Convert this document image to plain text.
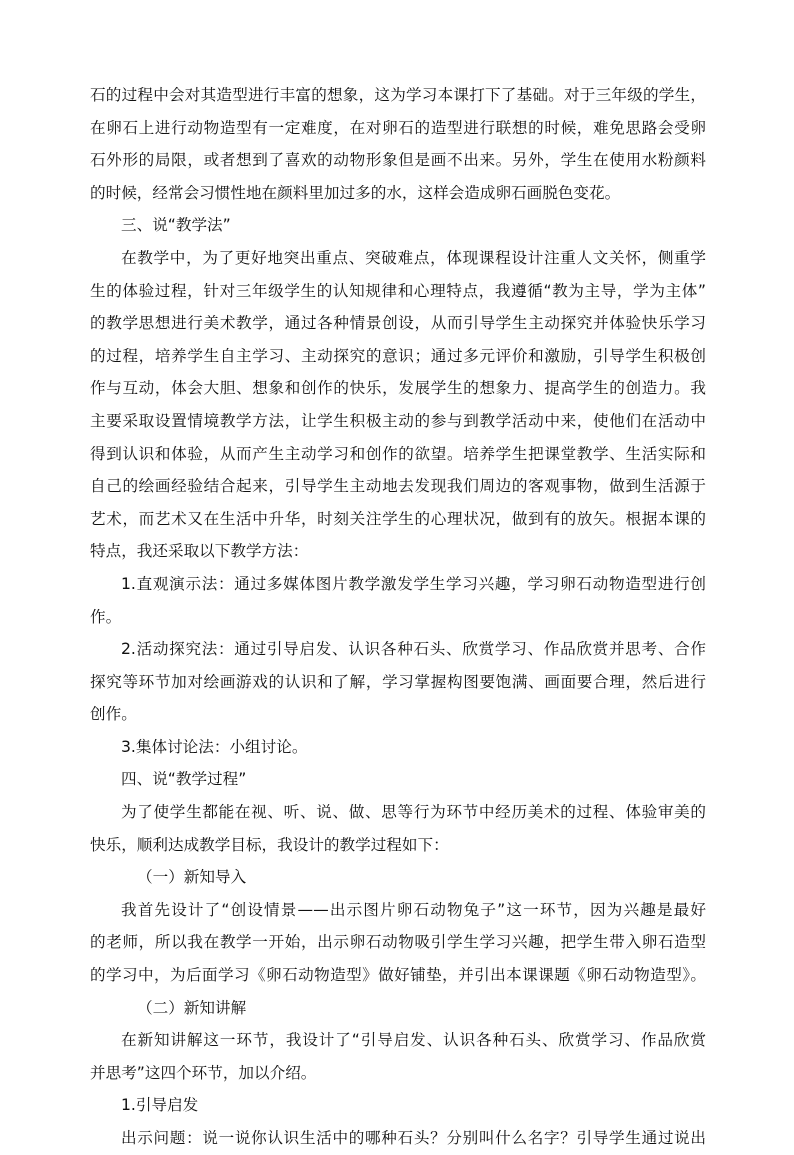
石的过程中会对其造型进行丰富的想象，这为学习本课打下了基础。对于三年级的学生，
在卵石上进行动物造型有一定难度，在对卵石的造型进行联想的时候，难免思路会受卵
石外形的局限，或者想到了喜欢的动物形象但是画不出来。另外，学生在使用水粉颜料
的时候，经常会习惯性地在颜料里加过多的水，这样会造成卵石画脱色变花。
三、说“教学法”
在教学中，为了更好地突出重点、突破难点，体现课程设计注重人文关怀，侧重学
生的体验过程，针对三年级学生的认知规律和心理特点，我遵循“教为主导，学为主体”
的教学思想进行美术教学，通过各种情景创设，从而引导学生主动探究并体验快乐学习
的过程，培养学生自主学习、主动探究的意识；通过多元评价和激励，引导学生积极创
作与互动，体会大胆、想象和创作的快乐，发展学生的想象力、提高学生的创造力。我
主要采取设置情境教学方法，让学生积极主动的参与到教学活动中来，使他们在活动中
得到认识和体验，从而产生主动学习和创作的欲望。培养学生把课堂教学、生活实际和
自己的绘画经验结合起来，引导学生主动地去发现我们周边的客观事物，做到生活源于
艺术，而艺术又在生活中升华，时刻关注学生的心理状况，做到有的放矢。根据本课的
特点，我还采取以下教学方法：
1.直观演示法：通过多媒体图片教学激发学生学习兴趣，学习卵石动物造型进行创
作。
2.活动探究法：通过引导启发、认识各种石头、欣赏学习、作品欣赏并思考、合作
探究等环节加对绘画游戏的认识和了解，学习掌握构图要饱满、画面要合理，然后进行
创作。
3.集体讨论法：小组讨论。
四、说“教学过程”
为了使学生都能在视、听、说、做、思等行为环节中经历美术的过程、体验审美的
快乐，顺利达成教学目标，我设计的教学过程如下：
（一）新知导入
我首先设计了“创设情景——出示图片卵石动物兔子”这一环节，因为兴趣是最好
的老师，所以我在教学一开始，出示卵石动物吸引学生学习兴趣，把学生带入卵石造型
的学习中，为后面学习《卵石动物造型》做好铺垫，并引出本课课题《卵石动物造型》。
（二）新知讲解
在新知讲解这一环节，我设计了“引导启发、认识各种石头、欣赏学习、作品欣赏
并思考”这四个环节，加以介绍。
1.引导启发
出示问题：说一说你认识生活中的哪种石头？分别叫什么名字？引导学生通过说出
